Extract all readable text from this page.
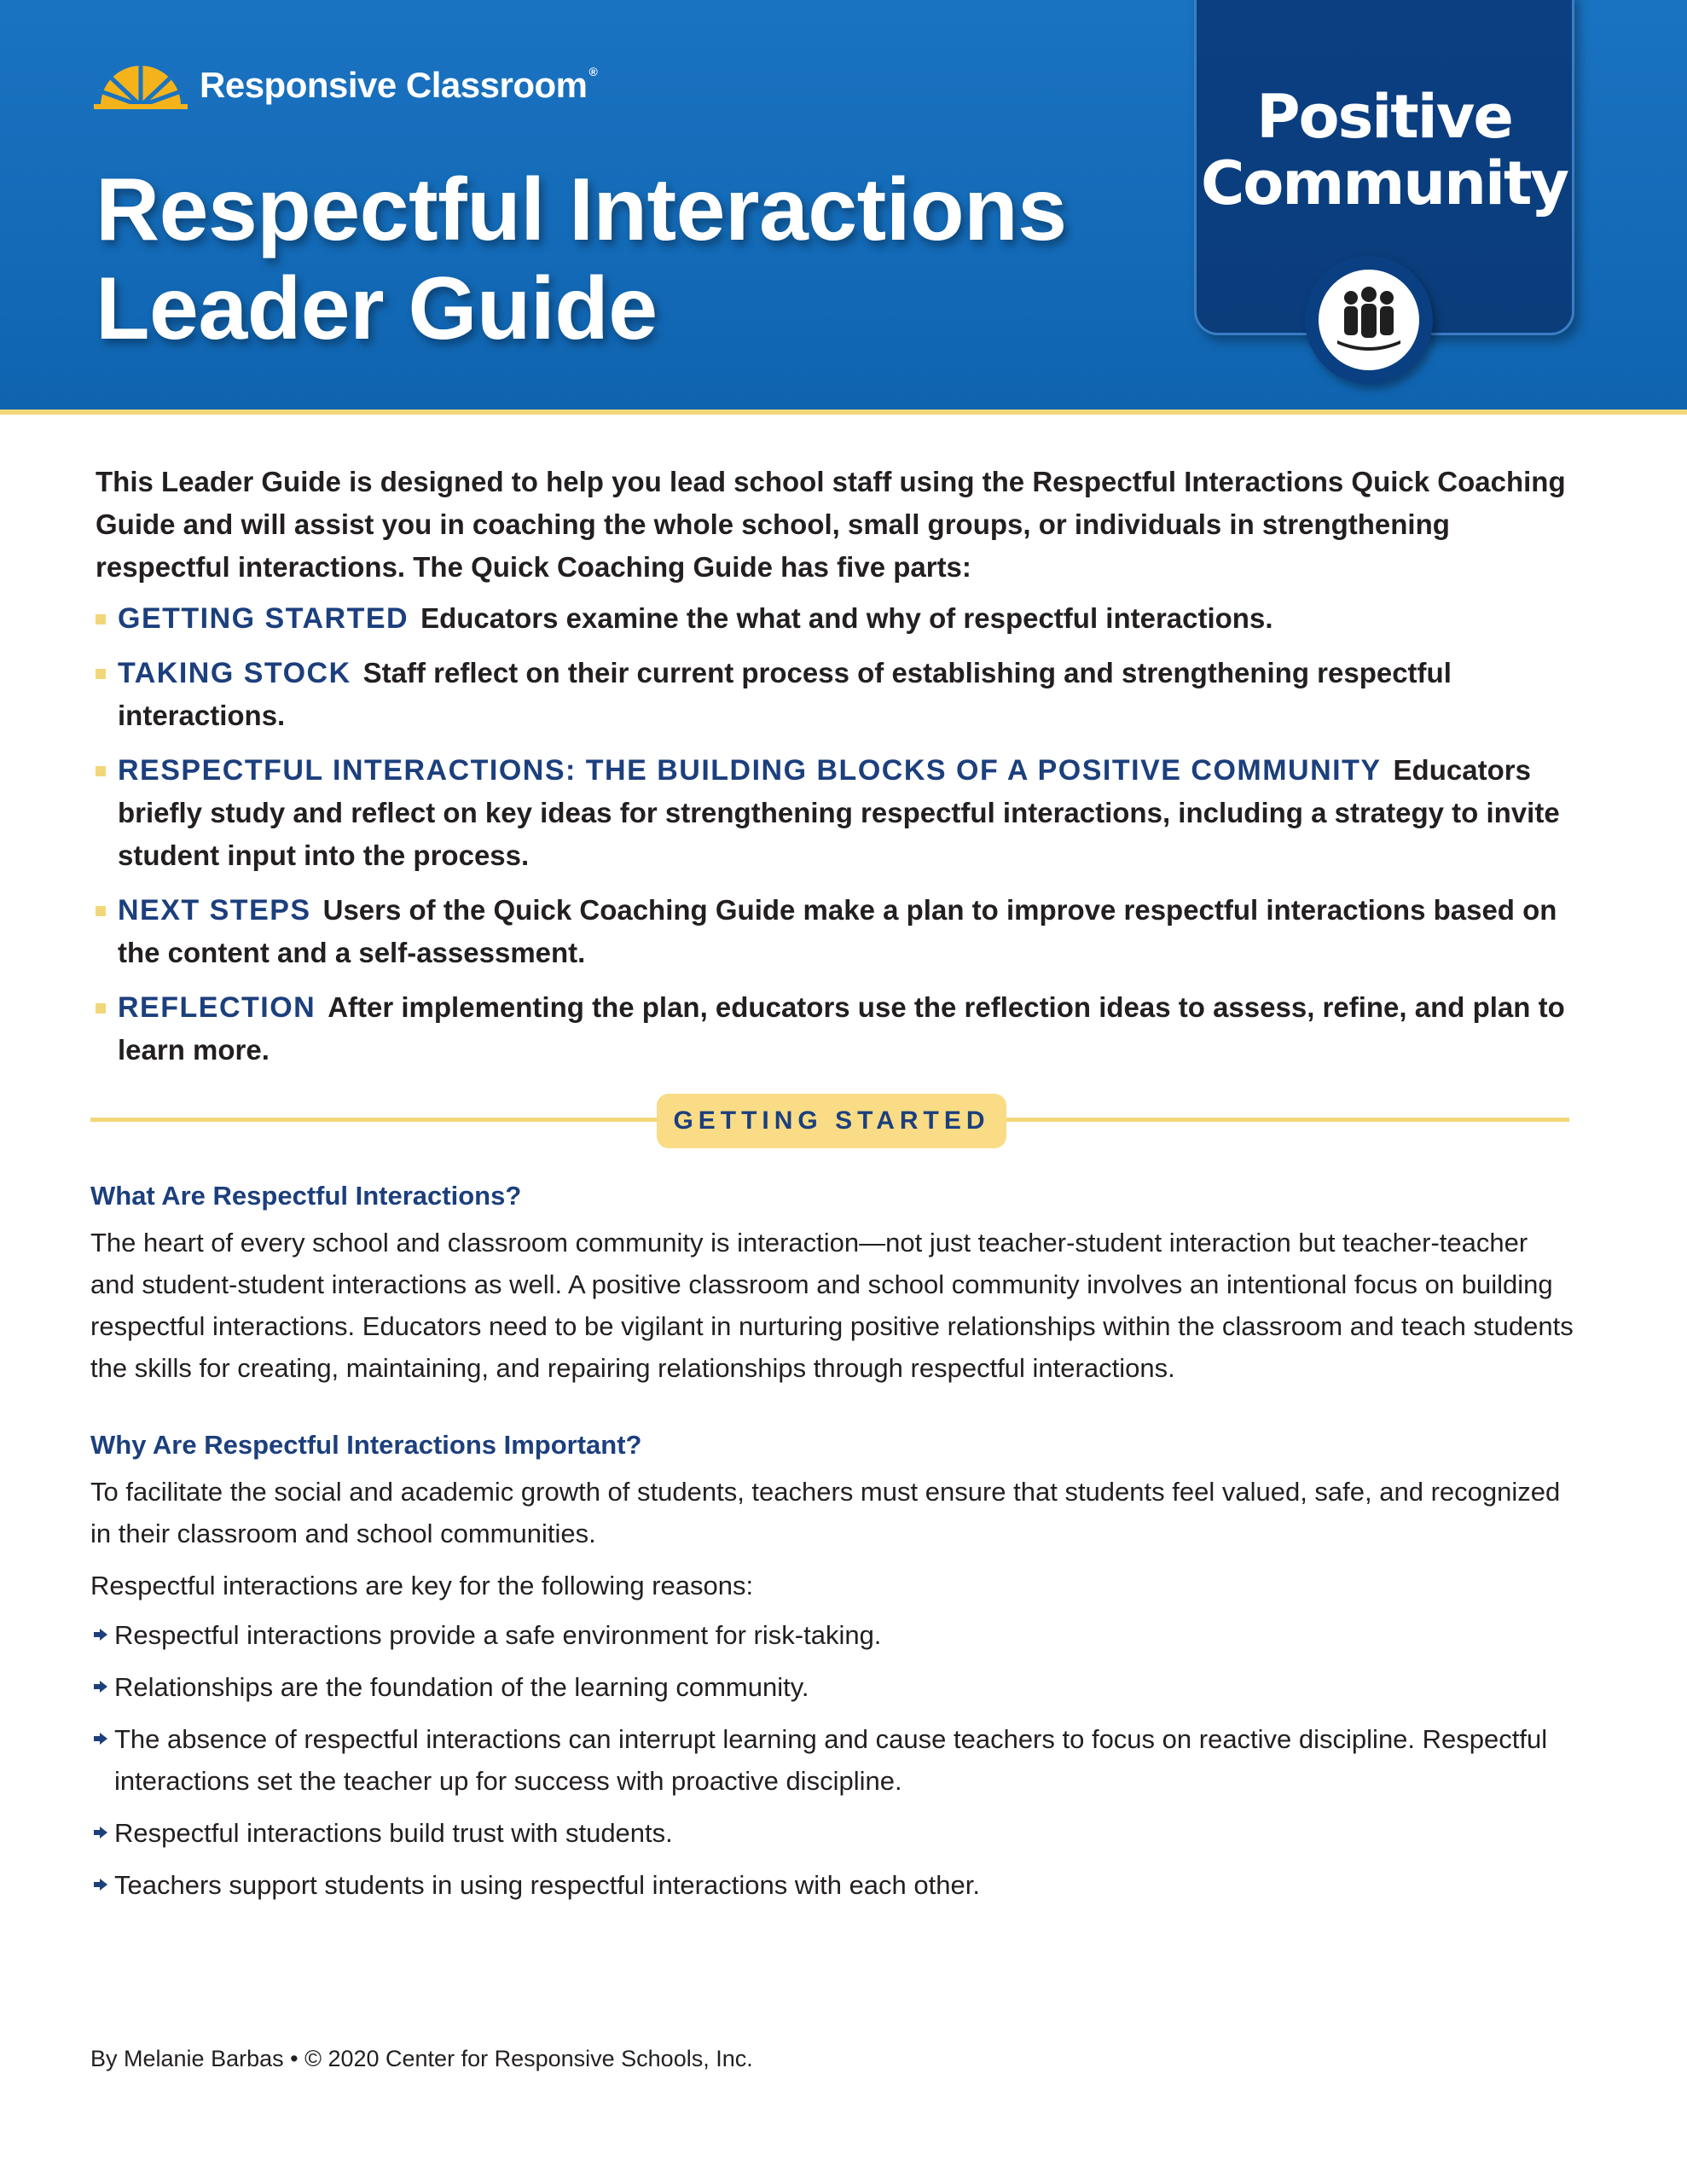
Responsive Classroom ®
Respectful Interactions
Leader Guide
Positive
Community

This Leader Guide is designed to help you lead school staff using the Respectful Interactions Quick Coaching Guide and will assist you in coaching the whole school, small groups, or individuals in strengthening respectful interactions. The Quick Coaching Guide has five parts:

GETTING STARTED Educators examine the what and why of respectful interactions.
TAKING STOCK Staff reflect on their current process of establishing and strengthening respectful interactions.
RESPECTFUL INTERACTIONS: THE BUILDING BLOCKS OF A POSITIVE COMMUNITY Educators briefly study and reflect on key ideas for strengthening respectful interactions, including a strategy to invite student input into the process.
NEXT STEPS Users of the Quick Coaching Guide make a plan to improve respectful interactions based on the content and a self-assessment.
REFLECTION After implementing the plan, educators use the reflection ideas to assess, refine, and plan to learn more.
GETTING STARTED
What Are Respectful Interactions?

The heart of every school and classroom community is interaction—not just teacher-student interaction but teacher-teacher and student-student interactions as well. A positive classroom and school community involves an intentional focus on building respectful interactions. Educators need to be vigilant in nurturing positive relationships within the classroom and teach students the skills for creating, maintaining, and repairing relationships through respectful interactions.

Why Are Respectful Interactions Important?

To facilitate the social and academic growth of students, teachers must ensure that students feel valued, safe, and recognized in their classroom and school communities.

Respectful interactions are key for the following reasons:

Respectful interactions provide a safe environment for risk-taking.
Relationships are the foundation of the learning community.
The absence of respectful interactions can interrupt learning and cause teachers to focus on reactive discipline. Respectful interactions set the teacher up for success with proactive discipline.
Respectful interactions build trust with students.
Teachers support students in using respectful interactions with each other.

By Melanie Barbas • © 2020 Center for Responsive Schools, Inc.
